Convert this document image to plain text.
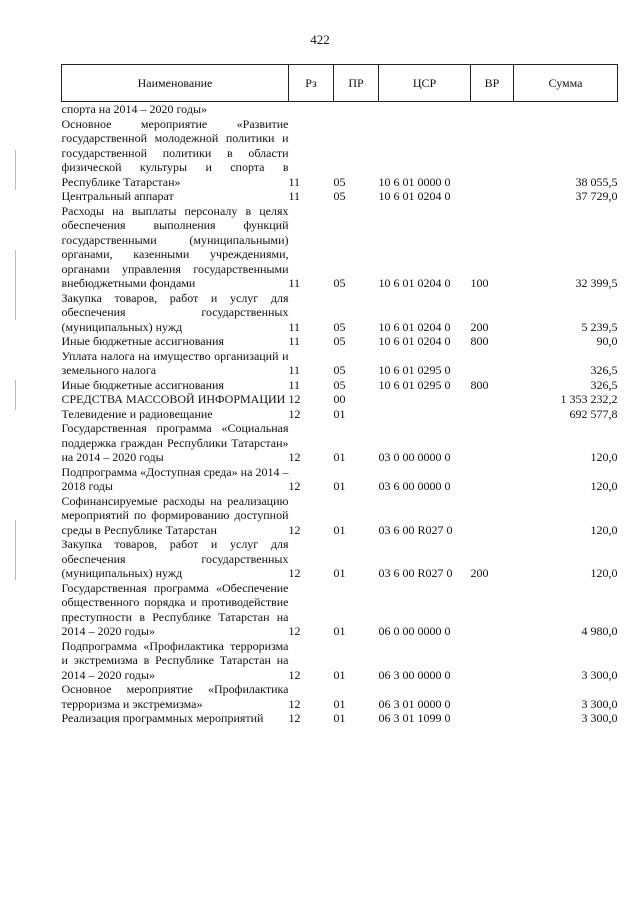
422
Наименование	Рз	ПР	ЦСР	ВР	Сумма
спорта на 2014 – 2020 годы»					
Основное мероприятие «Развитие государственной молодежной политики и государственной политики в области физической культуры и спорта в Республике Татарстан»	11	05	10 6 01 0000 0		38 055,5
Центральный аппарат	11	05	10 6 01 0204 0		37 729,0
Расходы на выплаты персоналу в целях обеспечения выполнения функций государственными (муниципальными) органами, казенными учреждениями, органами управления государственными внебюджетными фондами	11	05	10 6 01 0204 0	100	32 399,5
Закупка товаров, работ и услуг для обеспечения государственных (муниципальных) нужд	11	05	10 6 01 0204 0	200	5 239,5
Иные бюджетные ассигнования	11	05	10 6 01 0204 0	800	90,0
Уплата налога на имущество организаций и земельного налога	11	05	10 6 01 0295 0		326,5
Иные бюджетные ассигнования	11	05	10 6 01 0295 0	800	326,5
СРЕДСТВА МАССОВОЙ ИНФОРМАЦИИ	12	00			1 353 232,2
Телевидение и радиовещание	12	01			692 577,8
Государственная программа «Социальная поддержка граждан Республики Татарстан» на 2014 – 2020 годы	12	01	03 0 00 0000 0		120,0
Подпрограмма «Доступная среда» на 2014 – 2018 годы	12	01	03 6 00 0000 0		120,0
Софинансируемые расходы на реализацию мероприятий по формированию доступной среды в Республике Татарстан	12	01	03 6 00 R027 0		120,0
Закупка товаров, работ и услуг для обеспечения государственных (муниципальных) нужд	12	01	03 6 00 R027 0	200	120,0
Государственная программа «Обеспечение общественного порядка и противодействие преступности в Республике Татарстан на 2014 – 2020 годы»	12	01	06 0 00 0000 0		4 980,0
Подпрограмма «Профилактика терроризма и экстремизма в Республике Татарстан на 2014 – 2020 годы»	12	01	06 3 00 0000 0		3 300,0
Основное мероприятие «Профилактика терроризма и экстремизма»	12	01	06 3 01 0000 0		3 300,0
Реализация программных мероприятий	12	01	06 3 01 1099 0		3 300,0
